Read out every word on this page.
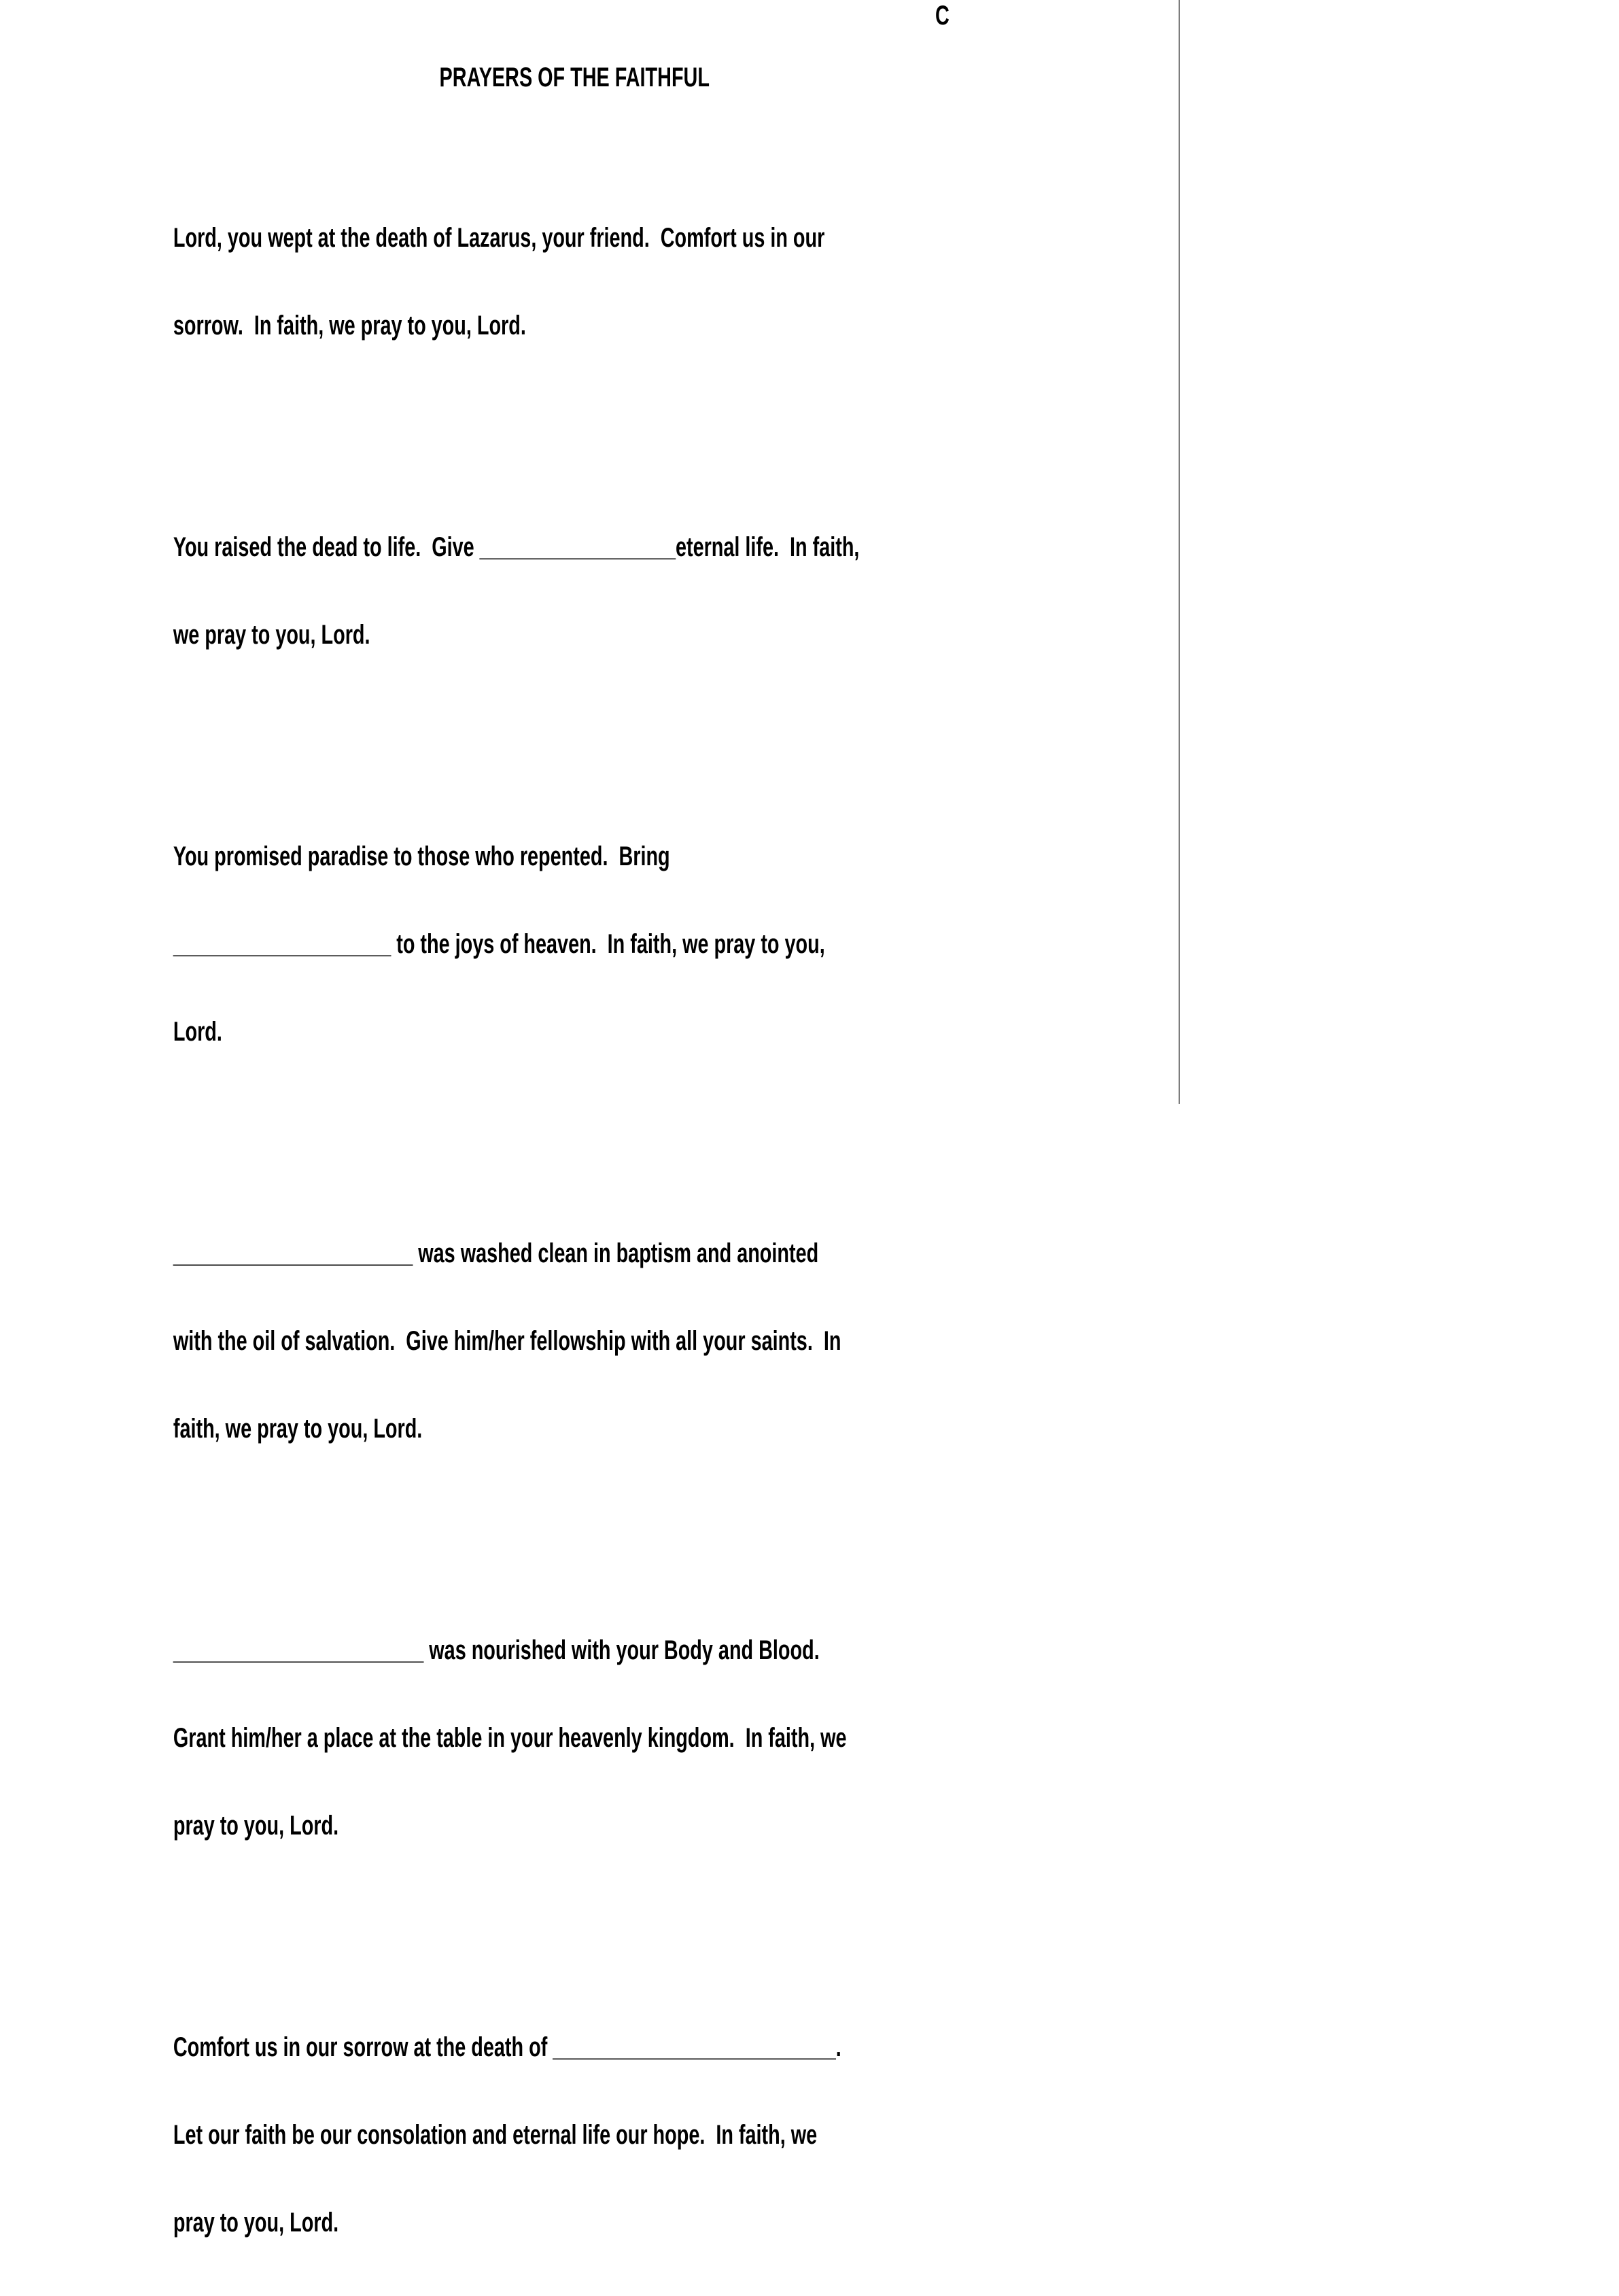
C
PRAYERS OF THE FAITHFUL

Lord, you wept at the death of Lazarus, your friend.  Comfort us in our

sorrow.  In faith, we pray to you, Lord.

You raised the dead to life.  Give __________________eternal life.  In faith,

we pray to you, Lord.

You promised paradise to those who repented.  Bring

____________________ to the joys of heaven.  In faith, we pray to you,

Lord.

______________________ was washed clean in baptism and anointed

with the oil of salvation.  Give him/her fellowship with all your saints.  In

faith, we pray to you, Lord.

_______________________ was nourished with your Body and Blood.

Grant him/her a place at the table in your heavenly kingdom.  In faith, we

pray to you, Lord.

Comfort us in our sorrow at the death of __________________________.

Let our faith be our consolation and eternal life our hope.  In faith, we

pray to you, Lord.
